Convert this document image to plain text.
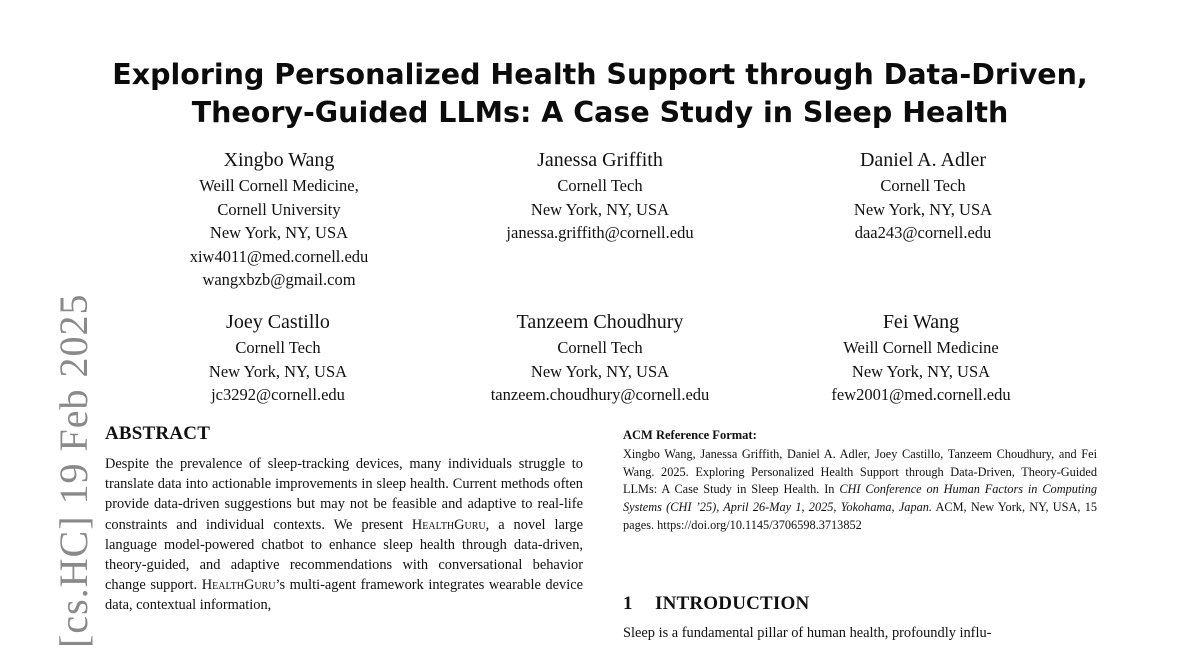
[cs.HC] 19 Feb 2025
Exploring Personalized Health Support through Data-Driven,
Theory-Guided LLMs: A Case Study in Sleep Health
Xingbo Wang
Weill Cornell Medicine,
Cornell University
New York, NY, USA
xiw4011@med.cornell.edu
wangxbzb@gmail.com
Janessa Griffith
Cornell Tech
New York, NY, USA
janessa.griffith@cornell.edu
Daniel A. Adler
Cornell Tech
New York, NY, USA
daa243@cornell.edu
Joey Castillo
Cornell Tech
New York, NY, USA
jc3292@cornell.edu
Tanzeem Choudhury
Cornell Tech
New York, NY, USA
tanzeem.choudhury@cornell.edu
Fei Wang
Weill Cornell Medicine
New York, NY, USA
few2001@med.cornell.edu
ABSTRACT
Despite the prevalence of sleep-tracking devices, many individuals struggle to translate data into actionable improvements in sleep health. Current methods often provide data-driven suggestions but may not be feasible and adaptive to real-life constraints and individual contexts. We present HealthGuru, a novel large language model-powered chatbot to enhance sleep health through data-driven, theory-guided, and adaptive recommendations with conversational behavior change support. HealthGuru’s multi-agent framework integrates wearable device data, contextual information,
ACM Reference Format:
Xingbo Wang, Janessa Griffith, Daniel A. Adler, Joey Castillo, Tanzeem Choudhury, and Fei Wang. 2025. Exploring Personalized Health Support through Data-Driven, Theory-Guided LLMs: A Case Study in Sleep Health. In CHI Conference on Human Factors in Computing Systems (CHI ’25), April 26-May 1, 2025, Yokohama, Japan. ACM, New York, NY, USA, 15 pages. https://doi.org/10.1145/3706598.3713852
1 INTRODUCTION
Sleep is a fundamental pillar of human health, profoundly influ-
